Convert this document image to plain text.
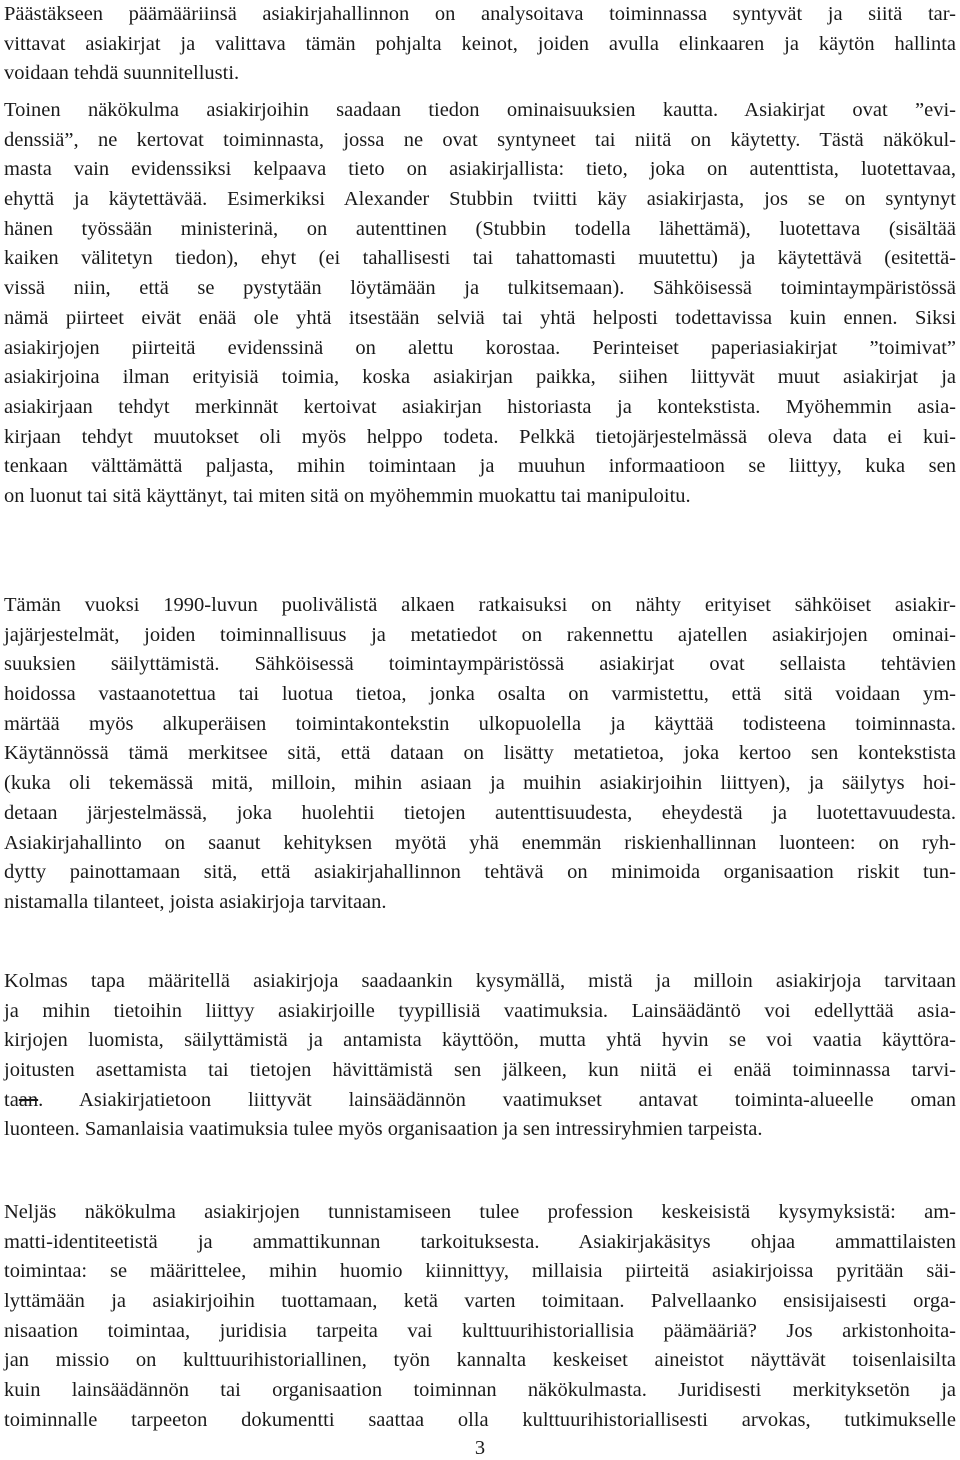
Päästäkseen päämääriinsä asiakirjahallinnon on analysoitava toiminnassa syntyvät ja siitä tar-
vittavat asiakirjat ja valittava tämän pohjalta keinot, joiden avulla elinkaaren ja käytön hallinta
voidaan tehdä suunnitellusti.
Toinen näkökulma asiakirjoihin saadaan tiedon ominaisuuksien kautta. Asiakirjat ovat ”evi-
denssiä”, ne kertovat toiminnasta, jossa ne ovat syntyneet tai niitä on käytetty. Tästä näkökul-
masta vain evidenssiksi kelpaava tieto on asiakirjallista: tieto, joka on autenttista, luotettavaa,
ehyttä ja käytettävää. Esimerkiksi Alexander Stubbin tviitti käy asiakirjasta, jos se on syntynyt
hänen työssään ministerinä, on autenttinen (Stubbin todella lähettämä), luotettava (sisältää
kaiken välitetyn tiedon), ehyt (ei tahallisesti tai tahattomasti muutettu) ja käytettävä (esitettä-
vissä niin, että se pystytään löytämään ja tulkitsemaan). Sähköisessä toimintaympäristössä
nämä piirteet eivät enää ole yhtä itsestään selviä tai yhtä helposti todettavissa kuin ennen. Siksi
asiakirjojen piirteitä evidenssinä on alettu korostaa. Perinteiset paperiasiakirjat ”toimivat”
asiakirjoina ilman erityisiä toimia, koska asiakirjan paikka, siihen liittyvät muut asiakirjat ja
asiakirjaan tehdyt merkinnät kertoivat asiakirjan historiasta ja kontekstista. Myöhemmin asia-
kirjaan tehdyt muutokset oli myös helppo todeta. Pelkkä tietojärjestelmässä oleva data ei kui-
tenkaan välttämättä paljasta, mihin toimintaan ja muuhun informaatioon se liittyy, kuka sen
on luonut tai sitä käyttänyt, tai miten sitä on myöhemmin muokattu tai manipuloitu.
Tämän vuoksi 1990-luvun puolivälistä alkaen ratkaisuksi on nähty erityiset sähköiset asiakir-
jajärjestelmät, joiden toiminnallisuus ja metatiedot on rakennettu ajatellen asiakirjojen ominai-
suuksien säilyttämistä. Sähköisessä toimintaympäristössä asiakirjat ovat sellaista tehtävien
hoidossa vastaanotettua tai luotua tietoa, jonka osalta on varmistettu, että sitä voidaan ym-
märtää myös alkuperäisen toimintakontekstin ulkopuolella ja käyttää todisteena toiminnasta.
Käytännössä tämä merkitsee sitä, että dataan on lisätty metatietoa, joka kertoo sen kontekstista
(kuka oli tekemässä mitä, milloin, mihin asiaan ja muihin asiakirjoihin liittyen), ja säilytys hoi-
detaan järjestelmässä, joka huolehtii tietojen autenttisuudesta, eheydestä ja luotettavuudesta.
Asiakirjahallinto on saanut kehityksen myötä yhä enemmän riskienhallinnan luonteen: on ryh-
dytty painottamaan sitä, että asiakirjahallinnon tehtävä on minimoida organisaation riskit tun-
nistamalla tilanteet, joista asiakirjoja tarvitaan.
Kolmas tapa määritellä asiakirjoja saadaankin kysymällä, mistä ja milloin asiakirjoja tarvitaan
ja mihin tietoihin liittyy asiakirjoille tyypillisiä vaatimuksia. Lainsäädäntö voi edellyttää asia-
kirjojen luomista, säilyttämistä ja antamista käyttöön, mutta yhtä hyvin se voi vaatia käyttöra-
joitusten asettamista tai tietojen hävittämistä sen jälkeen, kun niitä ei enää toiminnassa tarvi-
taan. Asiakirjatietoon liittyvät lainsäädännön vaatimukset antavat toiminta-alueelle oman
luonteen. Samanlaisia vaatimuksia tulee myös organisaation ja sen intressiryhmien tarpeista.
Neljäs näkökulma asiakirjojen tunnistamiseen tulee profession keskeisistä kysymyksistä: am-
matti-identiteetistä ja ammattikunnan tarkoituksesta. Asiakirjakäsitys ohjaa ammattilaisten
toimintaa: se määrittelee, mihin huomio kiinnittyy, millaisia piirteitä asiakirjoissa pyritään säi-
lyttämään ja asiakirjoihin tuottamaan, ketä varten toimitaan. Palvellaanko ensisijaisesti orga-
nisaation toimintaa, juridisia tarpeita vai kulttuurihistoriallisia päämääriä? Jos arkistonhoita-
jan missio on kulttuurihistoriallinen, työn kannalta keskeiset aineistot näyttävät toisenlaisilta
kuin lainsäädännön tai organisaation toiminnan näkökulmasta. Juridisesti merkityksetön ja
toiminnalle tarpeeton dokumentti saattaa olla kulttuurihistoriallisesti arvokas, tutkimukselle
3
